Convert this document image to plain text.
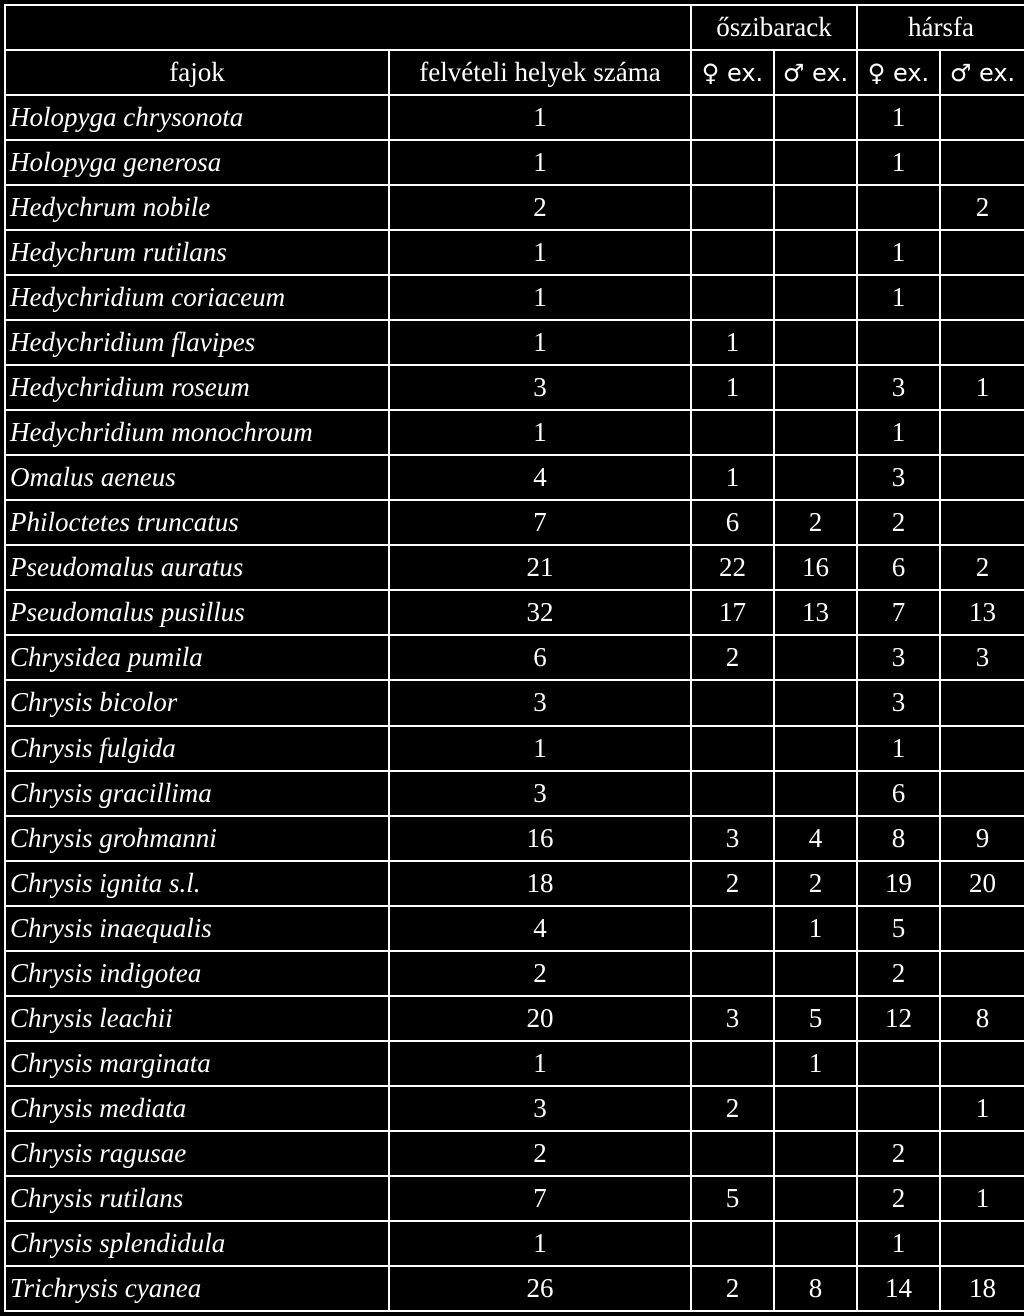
		őszibarack		hársfa	
fajok	felvételi helyek száma	♀ ex.	♂ ex.	♀ ex.	♂ ex.
Holopyga chrysonota	1			1	
Holopyga generosa	1			1	
Hedychrum nobile	2				2
Hedychrum rutilans	1			1	
Hedychridium coriaceum	1			1	
Hedychridium flavipes	1	1			
Hedychridium roseum	3	1		3	1
Hedychridium monochroum	1			1	
Omalus aeneus	4	1		3	
Philoctetes truncatus	7	6	2	2	
Pseudomalus auratus	21	22	16	6	2
Pseudomalus pusillus	32	17	13	7	13
Chrysidea pumila	6	2		3	3
Chrysis bicolor	3			3	
Chrysis fulgida	1			1	
Chrysis gracillima	3			6	
Chrysis grohmanni	16	3	4	8	9
Chrysis ignita s.l.	18	2	2	19	20
Chrysis inaequalis	4		1	5	
Chrysis indigotea	2			2	
Chrysis leachii	20	3	5	12	8
Chrysis marginata	1		1		
Chrysis mediata	3	2			1
Chrysis ragusae	2			2	
Chrysis rutilans	7	5		2	1
Chrysis splendidula	1			1	
Trichrysis cyanea	26	2	8	14	18
